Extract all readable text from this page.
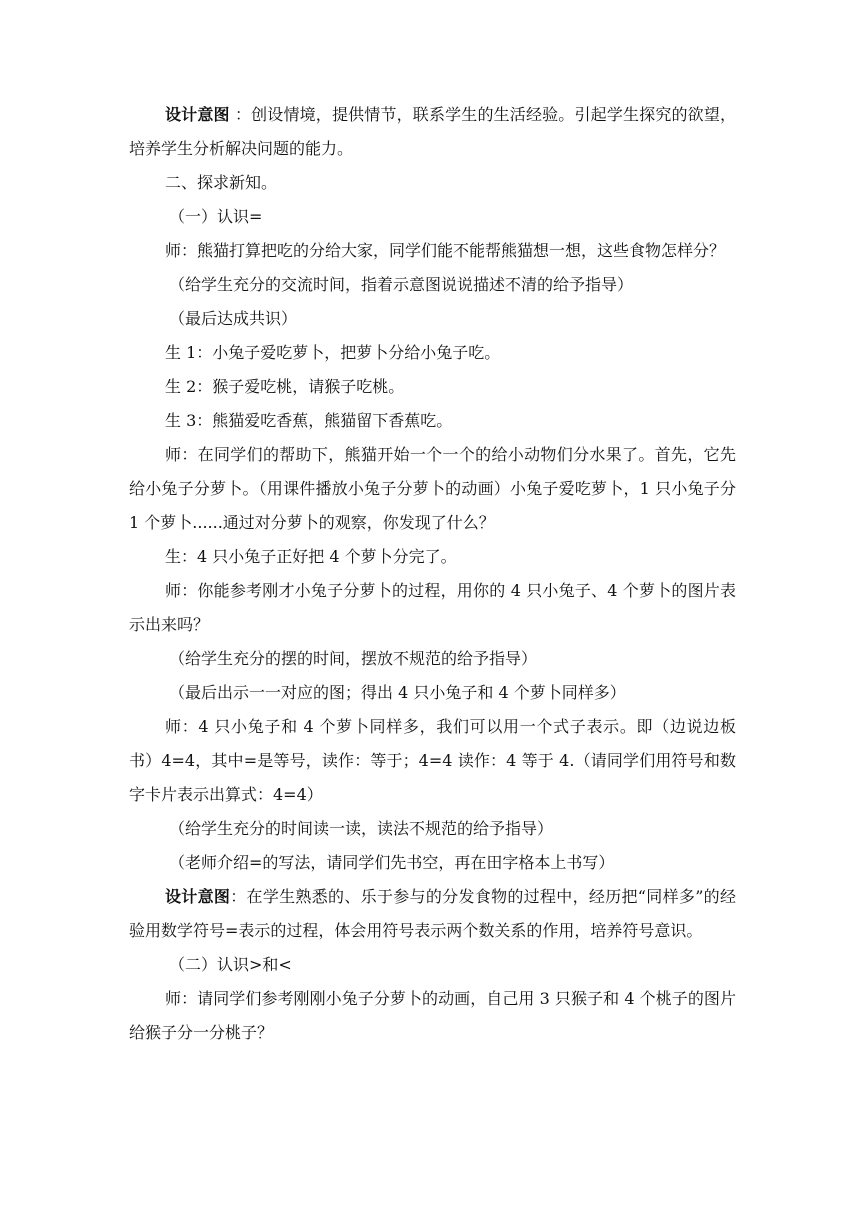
设计意图 ：创设情境，提供情节，联系学生的生活经验。引起学生探究的欲望，培养学生分析解决问题的能力。

二、探求新知。

（一）认识=

师：熊猫打算把吃的分给大家，同学们能不能帮熊猫想一想，这些食物怎样分？

（给学生充分的交流时间，指着示意图说说描述不清的给予指导）

（最后达成共识）

生 1：小兔子爱吃萝卜，把萝卜分给小兔子吃。

生 2：猴子爱吃桃，请猴子吃桃。

生 3：熊猫爱吃香蕉，熊猫留下香蕉吃。

师：在同学们的帮助下，熊猫开始一个一个的给小动物们分水果了。首先，它先给小兔子分萝卜。（用课件播放小兔子分萝卜的动画）小兔子爱吃萝卜，1 只小兔子分 1 个萝卜......通过对分萝卜的观察，你发现了什么？

生：4 只小兔子正好把 4 个萝卜分完了。

师：你能参考刚才小兔子分萝卜的过程，用你的 4 只小兔子、4 个萝卜的图片表示出来吗？

（给学生充分的摆的时间，摆放不规范的给予指导）

（最后出示一一对应的图；得出 4 只小兔子和 4 个萝卜同样多）

师：4 只小兔子和 4 个萝卜同样多，我们可以用一个式子表示。即（边说边板书）4=4，其中=是等号，读作：等于；4=4 读作：4 等于 4.（请同学们用符号和数字卡片表示出算式：4=4）

（给学生充分的时间读一读，读法不规范的给予指导）

（老师介绍=的写法，请同学们先书空，再在田字格本上书写）

设计意图：在学生熟悉的、乐于参与的分发食物的过程中，经历把“同样多”的经验用数学符号=表示的过程，体会用符号表示两个数关系的作用，培养符号意识。

（二）认识>和<

师：请同学们参考刚刚小兔子分萝卜的动画，自己用 3 只猴子和 4 个桃子的图片给猴子分一分桃子？
